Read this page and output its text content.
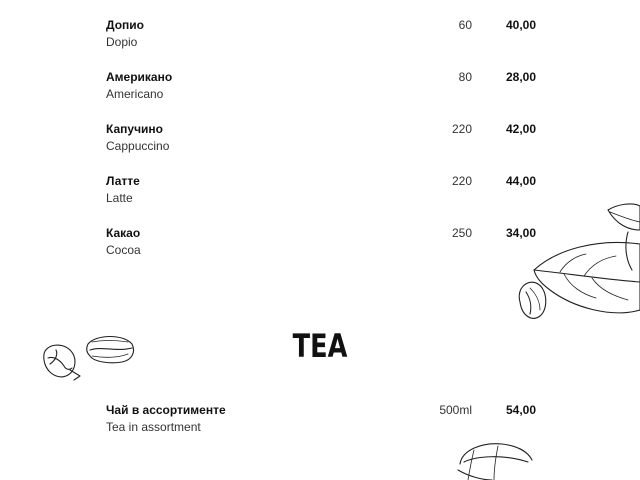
Допио
Dopio
60	40,00
Американо
Americano
80	28,00
Капучино
Cappuccino
220	42,00
Латте
Latte
220	44,00
Какао
Cocoa
250	34,00
TEA
Чай в ассортименте
Tea in assortment
500ml	54,00
